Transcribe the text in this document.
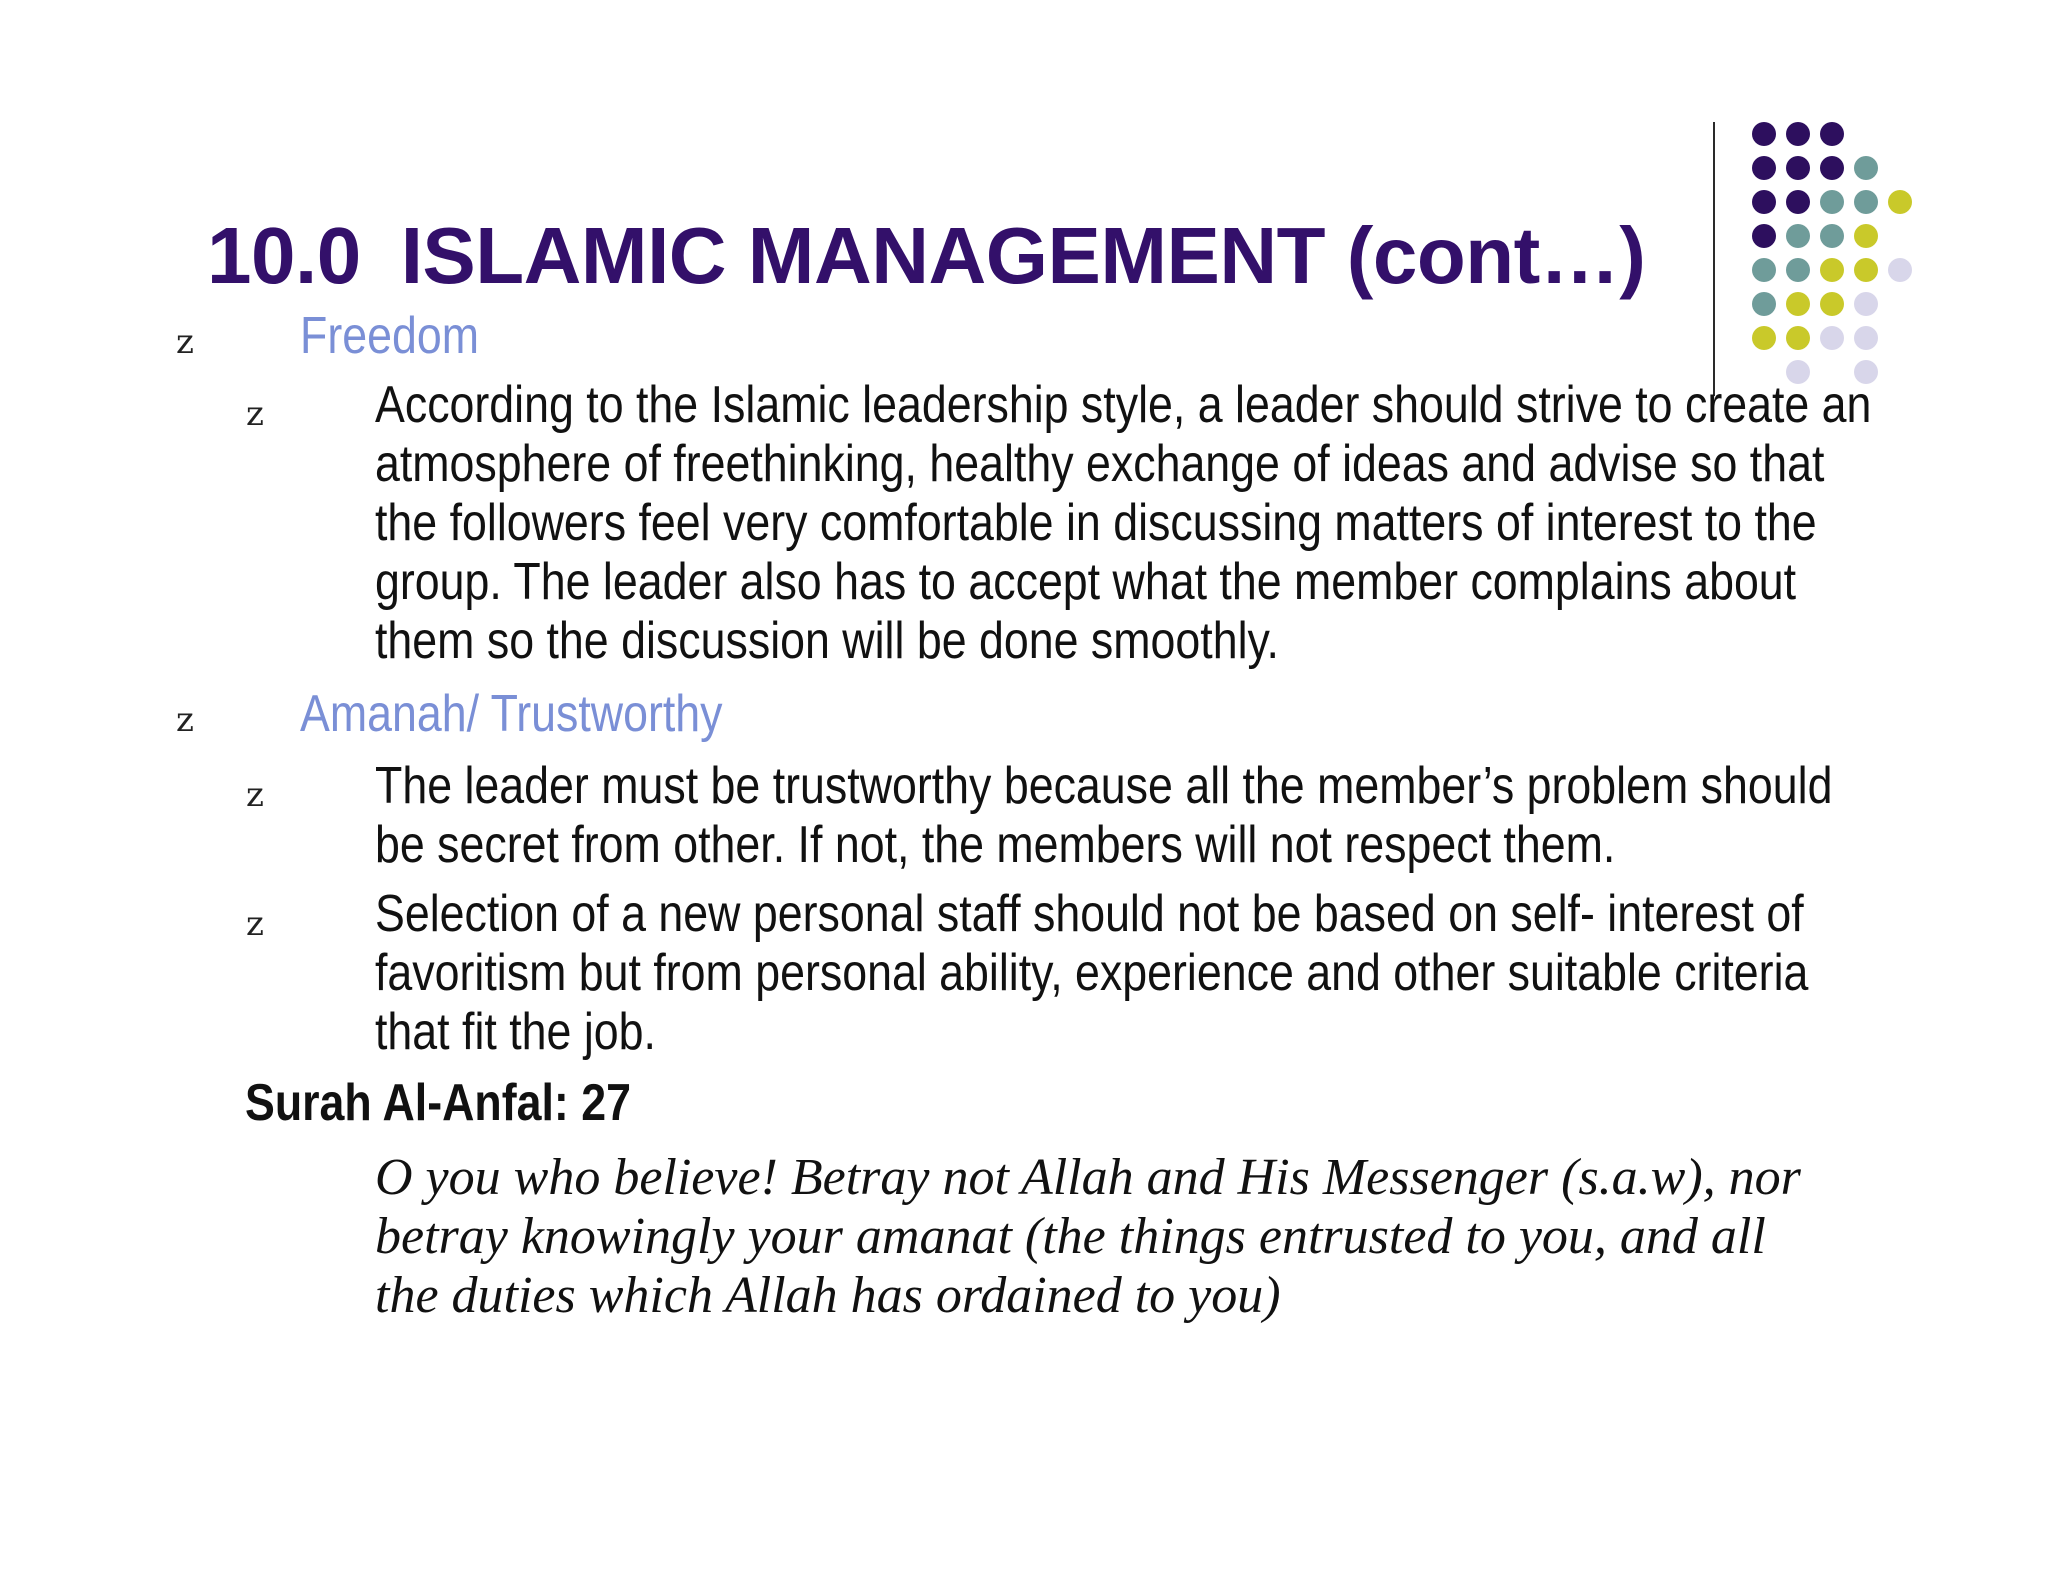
10.0 ISLAMIC MANAGEMENT (cont…)
z Freedom
z According to the Islamic leadership style, a leader should strive to create an
atmosphere of freethinking, healthy exchange of ideas and advise so that
the followers feel very comfortable in discussing matters of interest to the
group. The leader also has to accept what the member complains about
them so the discussion will be done smoothly.
z Amanah/ Trustworthy
z The leader must be trustworthy because all the member’s problem should
be secret from other. If not, the members will not respect them.
z Selection of a new personal staff should not be based on self- interest of
favoritism but from personal ability, experience and other suitable criteria
that fit the job.
Surah Al-Anfal: 27
O you who believe! Betray not Allah and His Messenger (s.a.w), nor
betray knowingly your amanat (the things entrusted to you, and all
the duties which Allah has ordained to you)
